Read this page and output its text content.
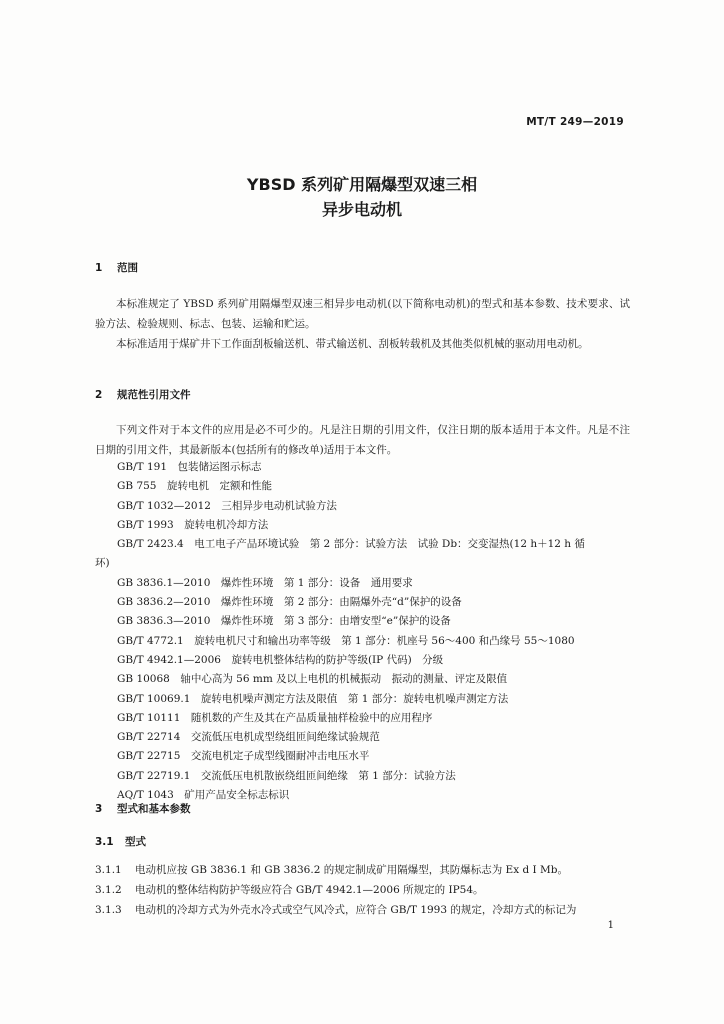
MT/T 249—2019
YBSD 系列矿用隔爆型双速三相
异步电动机
1 范围
本标准规定了 YBSD 系列矿用隔爆型双速三相异步电动机(以下简称电动机)的型式和基本参数、技术要求、试验方法、检验规则、标志、包装、运输和贮运。
本标准适用于煤矿井下工作面刮板输送机、带式输送机、刮板转载机及其他类似机械的驱动用电动机。
2 规范性引用文件
下列文件对于本文件的应用是必不可少的。凡是注日期的引用文件，仅注日期的版本适用于本文件。凡是不注日期的引用文件，其最新版本(包括所有的修改单)适用于本文件。
GB/T 191　包装储运图示标志
GB 755　旋转电机　定额和性能
GB/T 1032—2012　三相异步电动机试验方法
GB/T 1993　旋转电机冷却方法
GB/T 2423.4　电工电子产品环境试验　第 2 部分：试验方法　试验 Db：交变湿热(12 h＋12 h 循
环)
GB 3836.1—2010　爆炸性环境　第 1 部分：设备　通用要求
GB 3836.2—2010　爆炸性环境　第 2 部分：由隔爆外壳“d”保护的设备
GB 3836.3—2010　爆炸性环境　第 3 部分：由增安型“e”保护的设备
GB/T 4772.1　旋转电机尺寸和输出功率等级　第 1 部分：机座号 56～400 和凸缘号 55～1080
GB/T 4942.1—2006　旋转电机整体结构的防护等级(IP 代码)　分级
GB 10068　轴中心高为 56 mm 及以上电机的机械振动　振动的测量、评定及限值
GB/T 10069.1　旋转电机噪声测定方法及限值　第 1 部分：旋转电机噪声测定方法
GB/T 10111　随机数的产生及其在产品质量抽样检验中的应用程序
GB/T 22714　交流低压电机成型绕组匝间绝缘试验规范
GB/T 22715　交流电机定子成型线圈耐冲击电压水平
GB/T 22719.1　交流低压电机散嵌绕组匝间绝缘　第 1 部分：试验方法
AQ/T 1043　矿用产品安全标志标识
3 型式和基本参数
3.1 型式
3.1.1 电动机应按 GB 3836.1 和 GB 3836.2 的规定制成矿用隔爆型，其防爆标志为 Ex d Ⅰ Mb。
3.1.2 电动机的整体结构防护等级应符合 GB/T 4942.1—2006 所规定的 IP54。
3.1.3 电动机的冷却方式为外壳水冷式或空气风冷式，应符合 GB/T 1993 的规定，冷却方式的标记为
1
